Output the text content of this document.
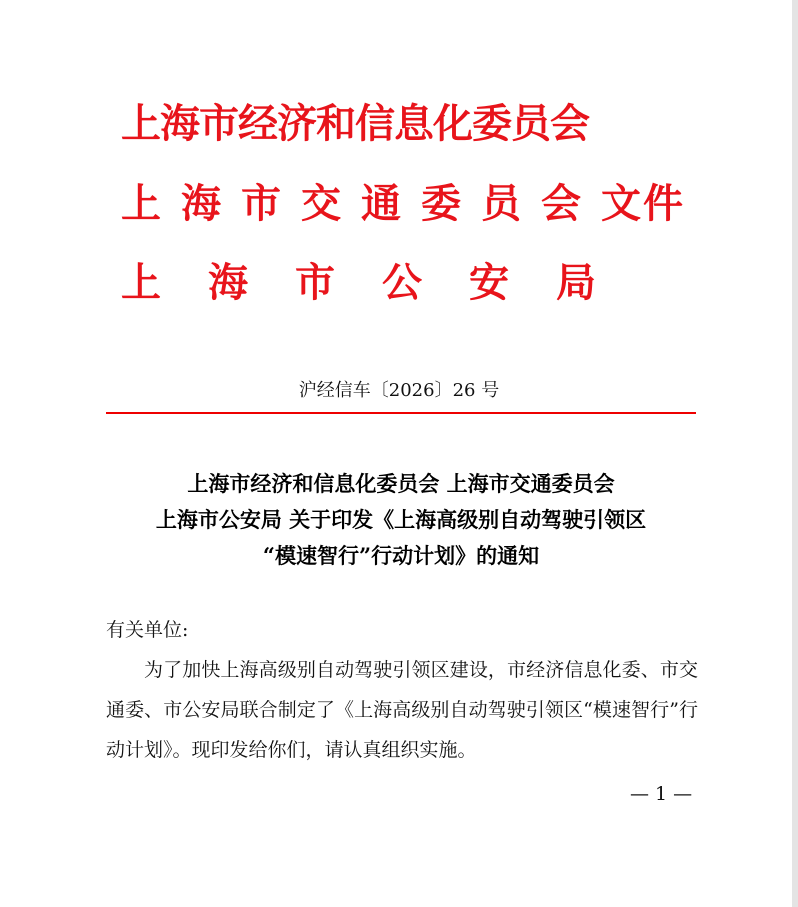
上海市经济和信息化委员会
上海市交通委员会文件
上海市公安局
沪经信车〔2026〕26 号
上海市经济和信息化委员会 上海市交通委员会
上海市公安局 关于印发《上海高级别自动驾驶引领区
“模速智行”行动计划》的通知

有关单位:

为了加快上海高级别自动驾驶引领区建设，市经济信息化委、市交通委、市公安局联合制定了《上海高级别自动驾驶引领区“模速智行”行动计划》。现印发给你们，请认真组织实施。

— 1 —
